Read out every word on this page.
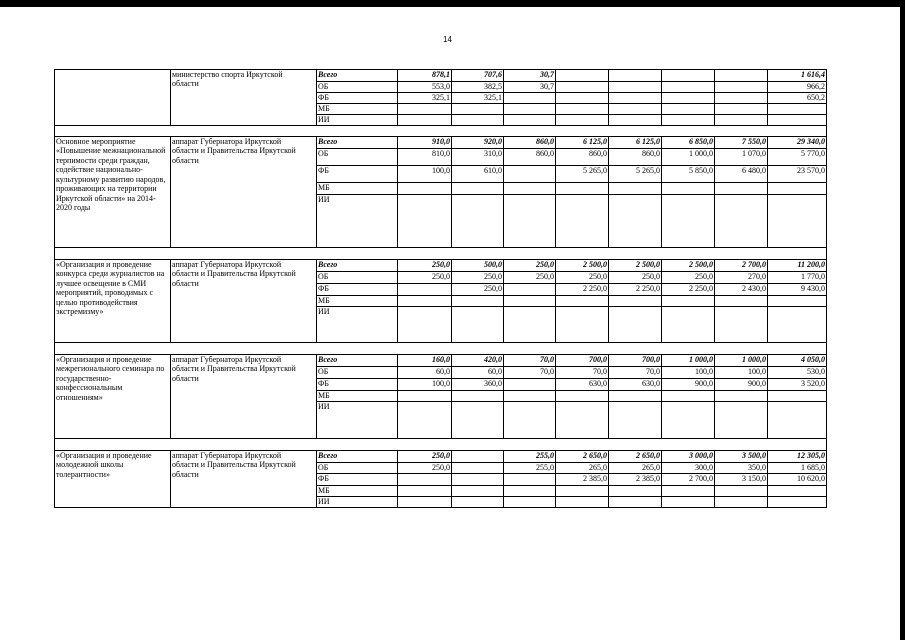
14
	министерство спорта Иркутской
области	Всего	878,1	707,6	30,7					1 616,4
		ОБ	553,0	382,5	30,7					966,2
		ФБ	325,1	325,1						650,2
		МБ								
		ИИ								

Основное мероприятие «Повышение межнациональной терпимости среди граждан, содействие национально-культурному развитию народов, проживающих на территории Иркутской области» на 2014-2020 годы	аппарат Губернатора Иркутской
области и Правительства Иркутской
области	Всего	910,0	920,0	860,0	6 125,0	6 125,0	6 850,0	7 550,0	29 340,0
		ОБ	810,0	310,0	860,0	860,0	860,0	1 000,0	1 070,0	5 770,0
		ФБ	100,0	610,0		5 265,0	5 265,0	5 850,0	6 480,0	23 570,0
		МБ								
		ИИ								

«Организация и проведение конкурса среди журналистов на лучшее освещение в СМИ мероприятий, проводимых с целью противодействия экстремизму»	аппарат Губернатора Иркутской
области и Правительства Иркутской
области	Всего	250,0	500,0	250,0	2 500,0	2 500,0	2 500,0	2 700,0	11 200,0
		ОБ	250,0	250,0	250,0	250,0	250,0	250,0	270,0	1 770,0
		ФБ		250,0		2 250,0	2 250,0	2 250,0	2 430,0	9 430,0
		МБ								
		ИИ								

«Организация и проведение межрегионального семинара по государственно-конфессиональным отношениям»	аппарат Губернатора Иркутской
области и Правительства Иркутской
области	Всего	160,0	420,0	70,0	700,0	700,0	1 000,0	1 000,0	4 050,0
		ОБ	60,0	60,0	70,0	70,0	70,0	100,0	100,0	530,0
		ФБ	100,0	360,0		630,0	630,0	900,0	900,0	3 520,0
		МБ								
		ИИ								

«Организация и проведение молодежной школы толерантности»	аппарат Губернатора Иркутской
области и Правительства Иркутской
области	Всего	250,0		255,0	2 650,0	2 650,0	3 000,0	3 500,0	12 305,0
		ОБ	250,0		255,0	265,0	265,0	300,0	350,0	1 685,0
		ФБ				2 385,0	2 385,0	2 700,0	3 150,0	10 620,0
		МБ								
		ИИ								
